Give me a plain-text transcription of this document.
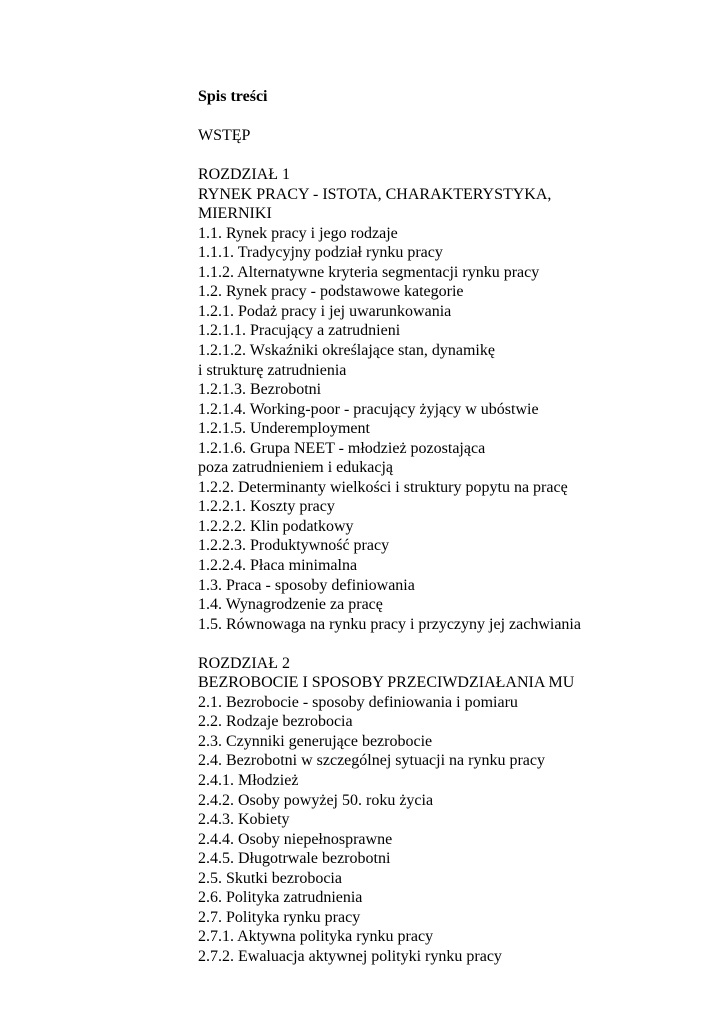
Spis treści
WSTĘP
ROZDZIAŁ 1
RYNEK PRACY - ISTOTA, CHARAKTERYSTYKA,
MIERNIKI
1.1. Rynek pracy i jego rodzaje
1.1.1. Tradycyjny podział rynku pracy
1.1.2. Alternatywne kryteria segmentacji rynku pracy
1.2. Rynek pracy - podstawowe kategorie
1.2.1. Podaż pracy i jej uwarunkowania
1.2.1.1. Pracujący a zatrudnieni
1.2.1.2. Wskaźniki określające stan, dynamikę
i strukturę zatrudnienia
1.2.1.3. Bezrobotni
1.2.1.4. Working-poor - pracujący żyjący w ubóstwie
1.2.1.5. Underemployment
1.2.1.6. Grupa NEET - młodzież pozostająca
poza zatrudnieniem i edukacją
1.2.2. Determinanty wielkości i struktury popytu na pracę
1.2.2.1. Koszty pracy
1.2.2.2. Klin podatkowy
1.2.2.3. Produktywność pracy
1.2.2.4. Płaca minimalna
1.3. Praca - sposoby definiowania
1.4. Wynagrodzenie za pracę
1.5. Równowaga na rynku pracy i przyczyny jej zachwiania
ROZDZIAŁ 2
BEZROBOCIE I SPOSOBY PRZECIWDZIAŁANIA MU
2.1. Bezrobocie - sposoby definiowania i pomiaru
2.2. Rodzaje bezrobocia
2.3. Czynniki generujące bezrobocie
2.4. Bezrobotni w szczególnej sytuacji na rynku pracy
2.4.1. Młodzież
2.4.2. Osoby powyżej 50. roku życia
2.4.3. Kobiety
2.4.4. Osoby niepełnosprawne
2.4.5. Długotrwale bezrobotni
2.5. Skutki bezrobocia
2.6. Polityka zatrudnienia
2.7. Polityka rynku pracy
2.7.1. Aktywna polityka rynku pracy
2.7.2. Ewaluacja aktywnej polityki rynku pracy
